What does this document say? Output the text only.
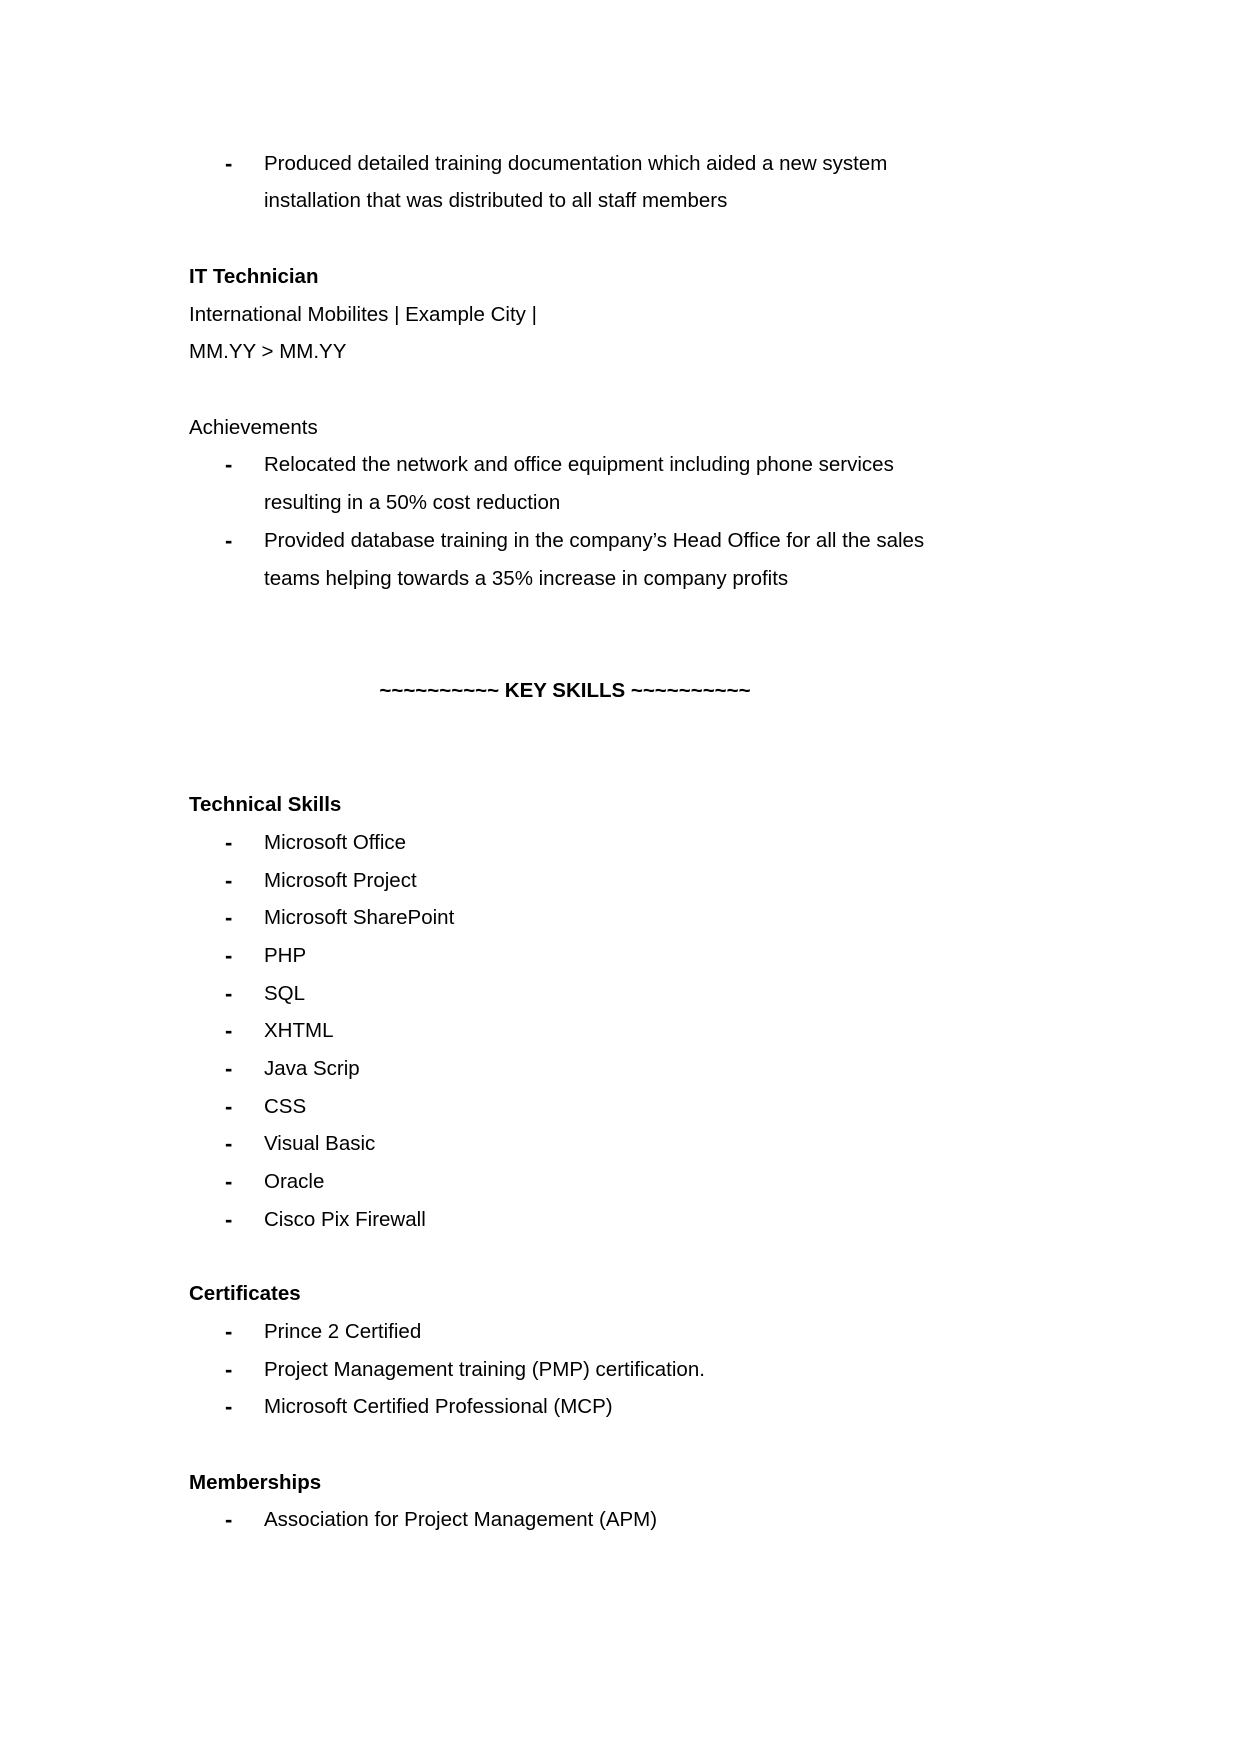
- Produced detailed training documentation which aided a new system
installation that was distributed to all staff members
IT Technician
International Mobilites | Example City |
MM.YY > MM.YY
Achievements
- Relocated the network and office equipment including phone services
resulting in a 50% cost reduction
- Provided database training in the company’s Head Office for all the sales
teams helping towards a 35% increase in company profits
~~~~~~~~~~ KEY SKILLS ~~~~~~~~~~
Technical Skills
- Microsoft Office
- Microsoft Project
- Microsoft SharePoint
- PHP
- SQL
- XHTML
- Java Scrip
- CSS
- Visual Basic
- Oracle
- Cisco Pix Firewall
Certificates
- Prince 2 Certified
- Project Management training (PMP) certification.
- Microsoft Certified Professional (MCP)
Memberships
- Association for Project Management (APM)
